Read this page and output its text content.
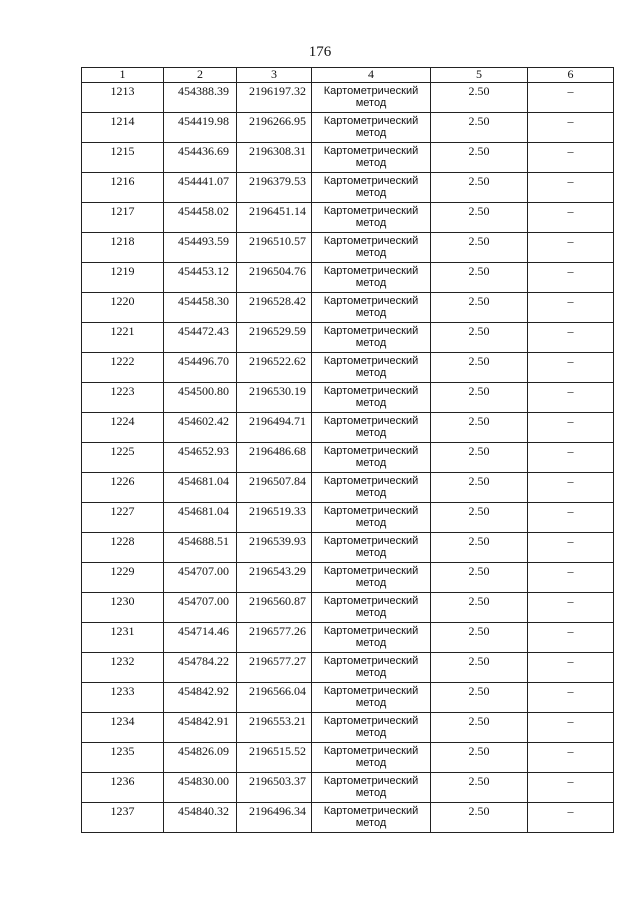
176
1	2	3	4	5	6
1213	454388.39	2196197.32	Картометрический метод	2.50	–
1214	454419.98	2196266.95	Картометрический метод	2.50	–
1215	454436.69	2196308.31	Картометрический метод	2.50	–
1216	454441.07	2196379.53	Картометрический метод	2.50	–
1217	454458.02	2196451.14	Картометрический метод	2.50	–
1218	454493.59	2196510.57	Картометрический метод	2.50	–
1219	454453.12	2196504.76	Картометрический метод	2.50	–
1220	454458.30	2196528.42	Картометрический метод	2.50	–
1221	454472.43	2196529.59	Картометрический метод	2.50	–
1222	454496.70	2196522.62	Картометрический метод	2.50	–
1223	454500.80	2196530.19	Картометрический метод	2.50	–
1224	454602.42	2196494.71	Картометрический метод	2.50	–
1225	454652.93	2196486.68	Картометрический метод	2.50	–
1226	454681.04	2196507.84	Картометрический метод	2.50	–
1227	454681.04	2196519.33	Картометрический метод	2.50	–
1228	454688.51	2196539.93	Картометрический метод	2.50	–
1229	454707.00	2196543.29	Картометрический метод	2.50	–
1230	454707.00	2196560.87	Картометрический метод	2.50	–
1231	454714.46	2196577.26	Картометрический метод	2.50	–
1232	454784.22	2196577.27	Картометрический метод	2.50	–
1233	454842.92	2196566.04	Картометрический метод	2.50	–
1234	454842.91	2196553.21	Картометрический метод	2.50	–
1235	454826.09	2196515.52	Картометрический метод	2.50	–
1236	454830.00	2196503.37	Картометрический метод	2.50	–
1237	454840.32	2196496.34	Картометрический метод	2.50	–
